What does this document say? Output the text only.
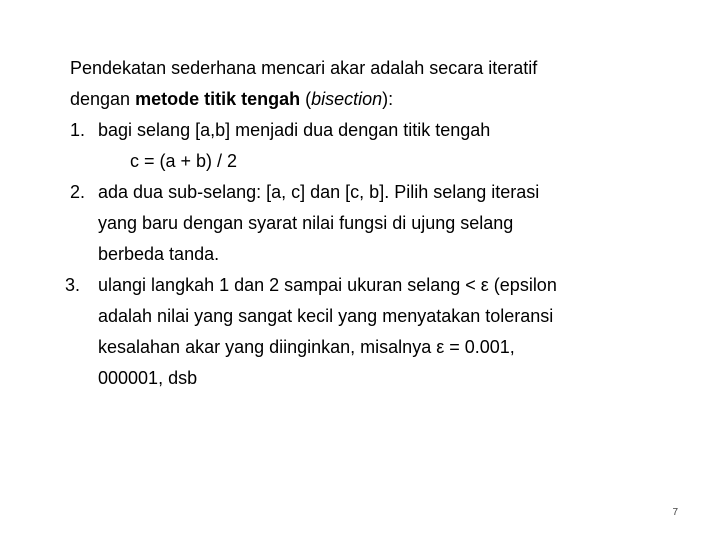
Pendekatan sederhana mencari akar adalah secara iteratif
dengan metode titik tengah (bisection):
1. bagi selang [a,b] menjadi dua dengan titik tengah
c = (a + b) / 2
2. ada dua sub-selang: [a, c] dan [c, b]. Pilih selang iterasi
yang baru dengan syarat nilai fungsi di ujung selang
berbeda tanda.
3. ulangi langkah 1 dan 2 sampai ukuran selang < ε (epsilon
adalah nilai yang sangat kecil yang menyatakan toleransi
kesalahan akar yang diinginkan, misalnya ε = 0.001,
000001, dsb
7
